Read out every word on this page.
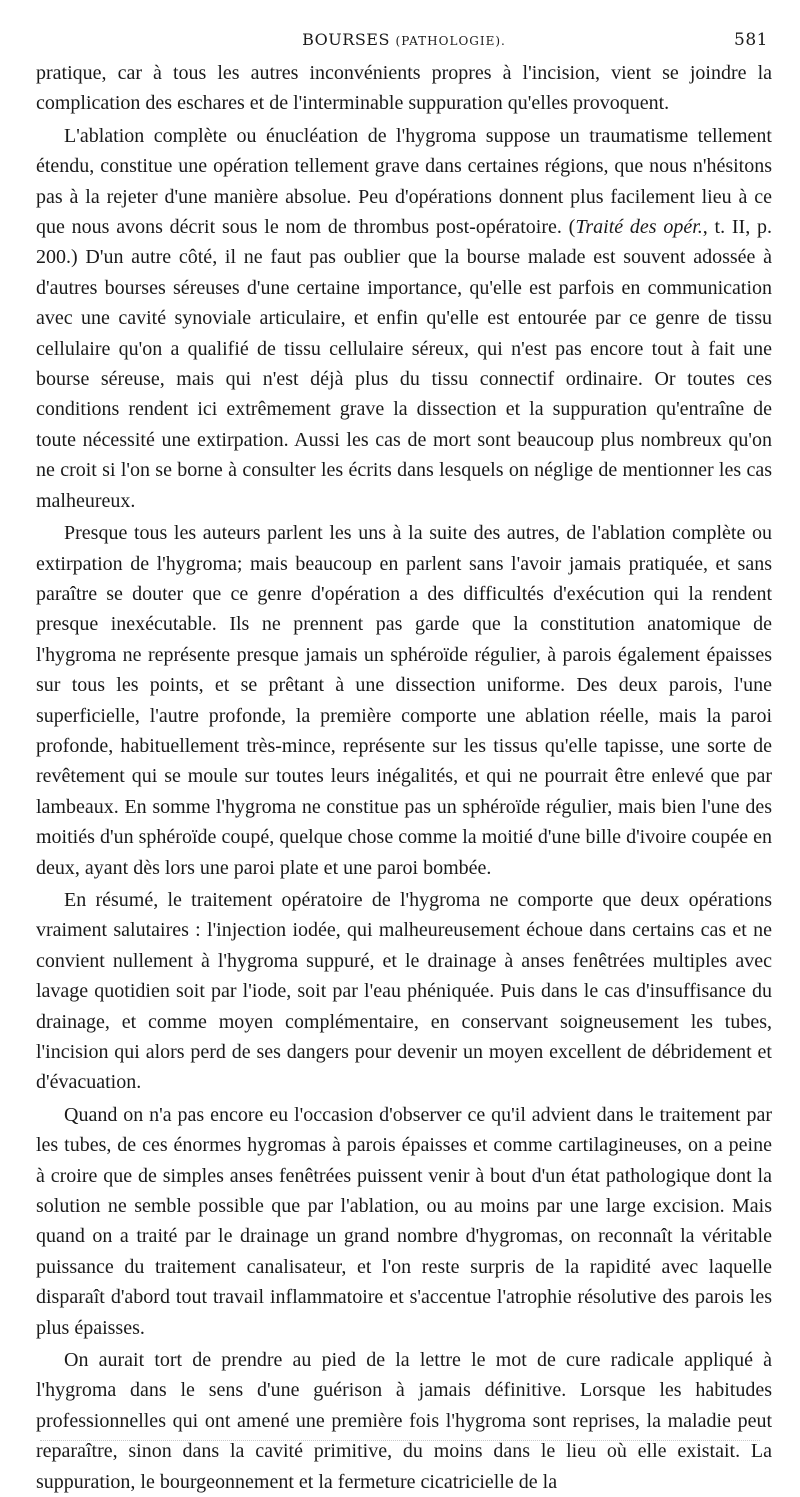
BOURSES (PATHOLOGIE).	581

pratique, car à tous les autres inconvénients propres à l'incision, vient se joindre la complication des eschares et de l'interminable suppuration qu'elles provoquent.

L'ablation complète ou énucléation de l'hygroma suppose un traumatisme tellement étendu, constitue une opération tellement grave dans certaines régions, que nous n'hésitons pas à la rejeter d'une manière absolue. Peu d'opérations donnent plus facilement lieu à ce que nous avons décrit sous le nom de thrombus post-opératoire. (Traité des opér., t. II, p. 200.) D'un autre côté, il ne faut pas oublier que la bourse malade est souvent adossée à d'autres bourses séreuses d'une certaine importance, qu'elle est parfois en communication avec une cavité synoviale articulaire, et enfin qu'elle est entourée par ce genre de tissu cellulaire qu'on a qualifié de tissu cellulaire séreux, qui n'est pas encore tout à fait une bourse séreuse, mais qui n'est déjà plus du tissu connectif ordinaire. Or toutes ces conditions rendent ici extrêmement grave la dissection et la suppuration qu'entraîne de toute nécessité une extirpation. Aussi les cas de mort sont beaucoup plus nombreux qu'on ne croit si l'on se borne à consulter les écrits dans lesquels on néglige de mentionner les cas malheureux.

Presque tous les auteurs parlent les uns à la suite des autres, de l'ablation complète ou extirpation de l'hygroma; mais beaucoup en parlent sans l'avoir jamais pratiquée, et sans paraître se douter que ce genre d'opération a des difficultés d'exécution qui la rendent presque inexécutable. Ils ne prennent pas garde que la constitution anatomique de l'hygroma ne représente presque jamais un sphéroïde régulier, à parois également épaisses sur tous les points, et se prêtant à une dissection uniforme. Des deux parois, l'une superficielle, l'autre profonde, la première comporte une ablation réelle, mais la paroi profonde, habituellement très-mince, représente sur les tissus qu'elle tapisse, une sorte de revêtement qui se moule sur toutes leurs inégalités, et qui ne pourrait être enlevé que par lambeaux. En somme l'hygroma ne constitue pas un sphéroïde régulier, mais bien l'une des moitiés d'un sphéroïde coupé, quelque chose comme la moitié d'une bille d'ivoire coupée en deux, ayant dès lors une paroi plate et une paroi bombée.

En résumé, le traitement opératoire de l'hygroma ne comporte que deux opérations vraiment salutaires : l'injection iodée, qui malheureusement échoue dans certains cas et ne convient nullement à l'hygroma suppuré, et le drainage à anses fenêtrées multiples avec lavage quotidien soit par l'iode, soit par l'eau phéniquée. Puis dans le cas d'insuffisance du drainage, et comme moyen complémentaire, en conservant soigneusement les tubes, l'incision qui alors perd de ses dangers pour devenir un moyen excellent de débridement et d'évacuation.

Quand on n'a pas encore eu l'occasion d'observer ce qu'il advient dans le traitement par les tubes, de ces énormes hygromas à parois épaisses et comme cartilagineuses, on a peine à croire que de simples anses fenêtrées puissent venir à bout d'un état pathologique dont la solution ne semble possible que par l'ablation, ou au moins par une large excision. Mais quand on a traité par le drainage un grand nombre d'hygromas, on reconnaît la véritable puissance du traitement canalisateur, et l'on reste surpris de la rapidité avec laquelle disparaît d'abord tout travail inflammatoire et s'accentue l'atrophie résolutive des parois les plus épaisses.

On aurait tort de prendre au pied de la lettre le mot de cure radicale appliqué à l'hygroma dans le sens d'une guérison à jamais définitive. Lorsque les habitudes professionnelles qui ont amené une première fois l'hygroma sont reprises, la maladie peut reparaître, sinon dans la cavité primitive, du moins dans le lieu où elle existait. La suppuration, le bourgeonnement et la fermeture cicatricielle de la
